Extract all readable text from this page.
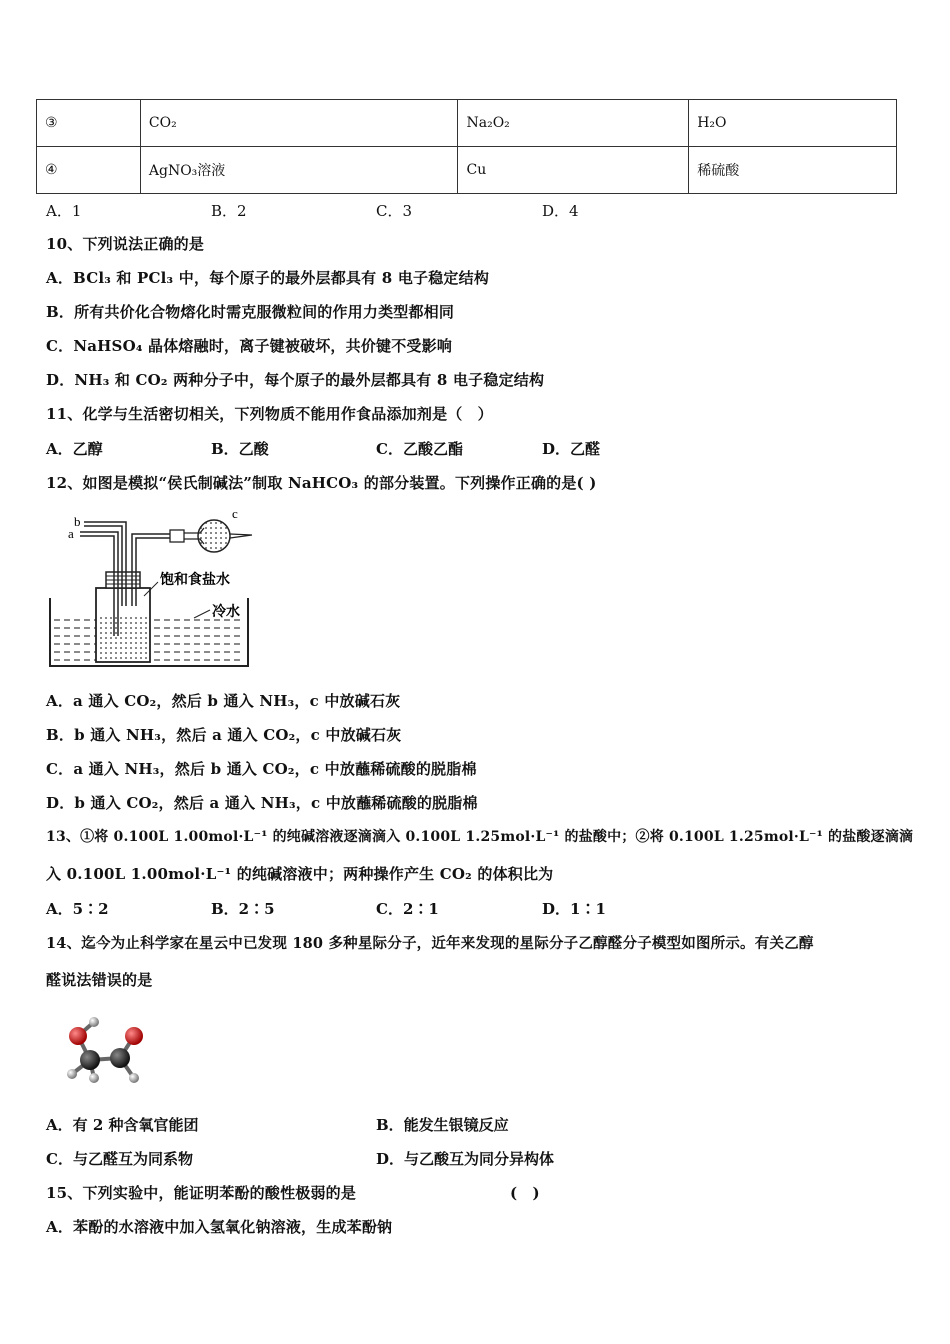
③	CO₂	Na₂O₂	H₂O
④	AgNO₃溶液	Cu	稀硫酸
A．1	B．2	C．3	D．4
10、下列说法正确的是
A．BCl₃ 和 PCl₃ 中，每个原子的最外层都具有 8 电子稳定结构
B．所有共价化合物熔化时需克服微粒间的作用力类型都相同
C．NaHSO₄ 晶体熔融时，离子键被破坏，共价键不受影响
D．NH₃ 和 CO₂ 两种分子中，每个原子的最外层都具有 8 电子稳定结构
11、化学与生活密切相关，下列物质不能用作食品添加剂是（　）
A．乙醇	B．乙酸	C．乙酸乙酯	D．乙醛
12、如图是模拟“侯氏制碱法”制取 NaHCO₃ 的部分装置。下列操作正确的是( )
b
a
c
饱和食盐水
冷水
A．a 通入 CO₂，然后 b 通入 NH₃，c 中放碱石灰
B．b 通入 NH₃，然后 a 通入 CO₂，c 中放碱石灰
C．a 通入 NH₃，然后 b 通入 CO₂，c 中放蘸稀硫酸的脱脂棉
D．b 通入 CO₂，然后 a 通入 NH₃，c 中放蘸稀硫酸的脱脂棉
13、①将 0.100L 1.00mol·L⁻¹ 的纯碱溶液逐滴滴入 0.100L 1.25mol·L⁻¹ 的盐酸中；②将 0.100L 1.25mol·L⁻¹ 的盐酸逐滴滴
入 0.100L 1.00mol·L⁻¹ 的纯碱溶液中；两种操作产生 CO₂ 的体积比为
A．5∶2	B．2∶5	C．2∶1	D．1∶1
14、迄今为止科学家在星云中已发现 180 多种星际分子，近年来发现的星际分子乙醇醛分子模型如图所示。有关乙醇
醛说法错误的是
A．有 2 种含氧官能团	B．能发生银镜反应
C．与乙醛互为同系物	D．与乙酸互为同分异构体
15、下列实验中，能证明苯酚的酸性极弱的是	(　)
A．苯酚的水溶液中加入氢氧化钠溶液，生成苯酚钠
